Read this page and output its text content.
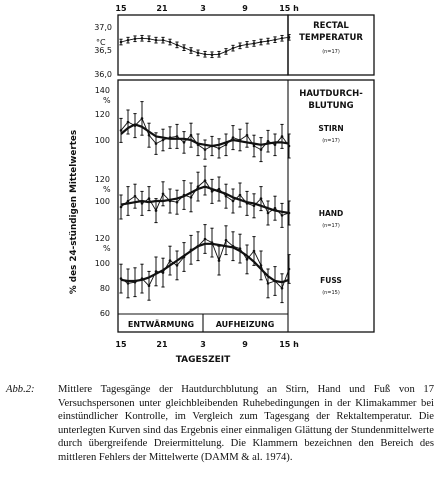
RECTAL
TEMPERATUR
(n=17)
HAUTDURCH-
BLUTUNG
STIRN
(n=17)
HAND
(n=17)
FUSS
(n=15)
°C
37,0
36,5
36,0
%
140
120
100
%
120
100
%
120
100
80
60
% des 24-stündigen Mittelwertes
15	21	3	9	15 h
15	21	3	9	15 h
TAGESZEIT
ENTWÄRMUNG	AUFHEIZUNG
Abb.2: Mittlere Tagesgänge der Hautdurchblutung an Stirn, Hand und Fuß von 17 Versuchspersonen unter gleichbleibenden Ruhebedingungen in der Klimakammer bei einstündlicher Kontrolle, im Vergleich zum Tagesgang der Rektaltemperatur. Die unterlegten Kurven sind das Ergebnis einer einmaligen Glättung der Stundenmittelwerte durch übergreifende Dreiermittelung. Die Klammern bezeichnen den Bereich des mittleren Fehlers der Mittelwerte (DAMM & al. 1974).
